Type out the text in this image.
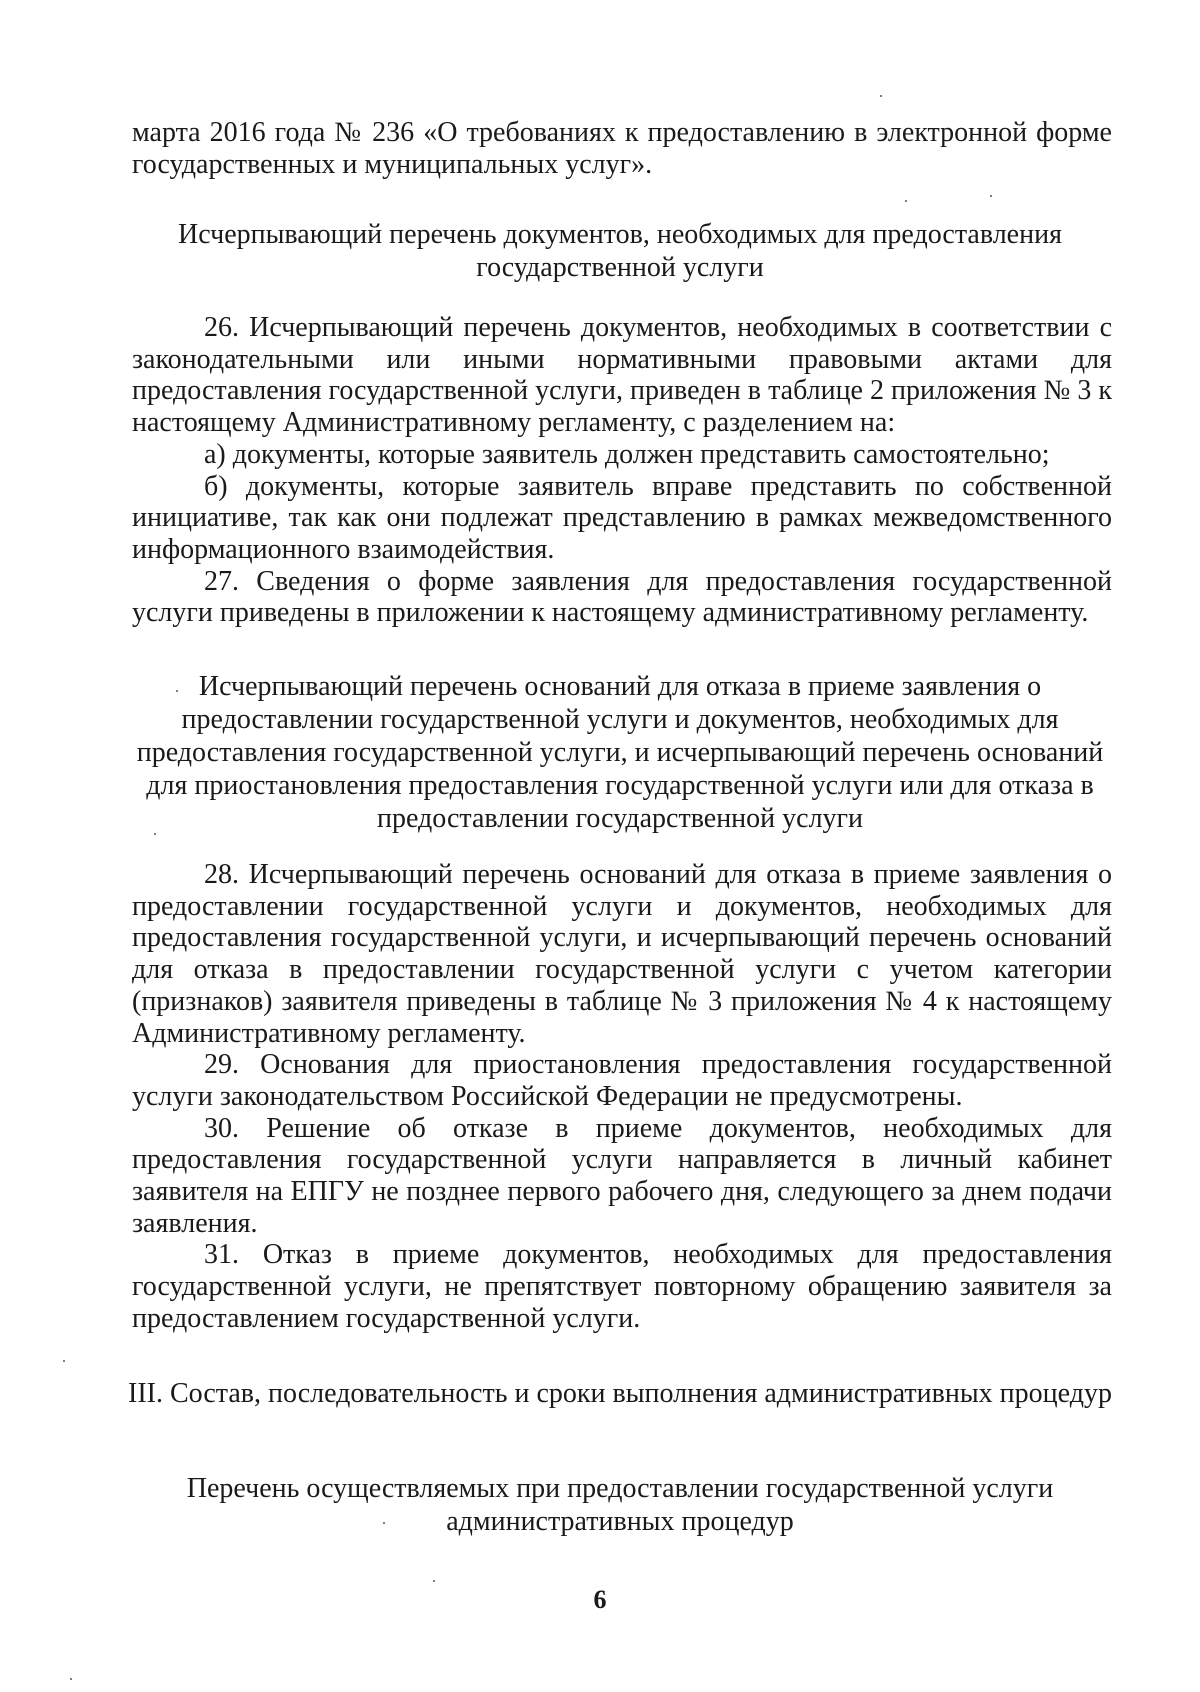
марта 2016 года № 236 «О требованиях к предоставлению в электронной форме государственных и муниципальных услуг».

Исчерпывающий перечень документов, необходимых для предоставления государственной услуги

26. Исчерпывающий перечень документов, необходимых в соответствии с законодательными или иными нормативными правовыми актами для предоставления государственной услуги, приведен в таблице 2 приложения № 3 к настоящему Административному регламенту, с разделением на:

а) документы, которые заявитель должен представить самостоятельно;

б) документы, которые заявитель вправе представить по собственной инициативе, так как они подлежат представлению в рамках межведомственного информационного взаимодействия.

27. Сведения о форме заявления для предоставления государственной услуги приведены в приложении к настоящему административному регламенту.

Исчерпывающий перечень оснований для отказа в приеме заявления о предоставлении государственной услуги и документов, необходимых для предоставления государственной услуги, и исчерпывающий перечень оснований для приостановления предоставления государственной услуги или для отказа в предоставлении государственной услуги

28. Исчерпывающий перечень оснований для отказа в приеме заявления о предоставлении государственной услуги и документов, необходимых для предоставления государственной услуги, и исчерпывающий перечень оснований для отказа в предоставлении государственной услуги с учетом категории (признаков) заявителя приведены в таблице № 3 приложения № 4 к настоящему Административному регламенту.

29. Основания для приостановления предоставления государственной услуги законодательством Российской Федерации не предусмотрены.

30. Решение об отказе в приеме документов, необходимых для предоставления государственной услуги направляется в личный кабинет заявителя на ЕПГУ не позднее первого рабочего дня, следующего за днем подачи заявления.

31. Отказ в приеме документов, необходимых для предоставления государственной услуги, не препятствует повторному обращению заявителя за предоставлением государственной услуги.

III. Состав, последовательность и сроки выполнения административных процедур
Перечень осуществляемых при предоставлении государственной услуги административных процедур
6
